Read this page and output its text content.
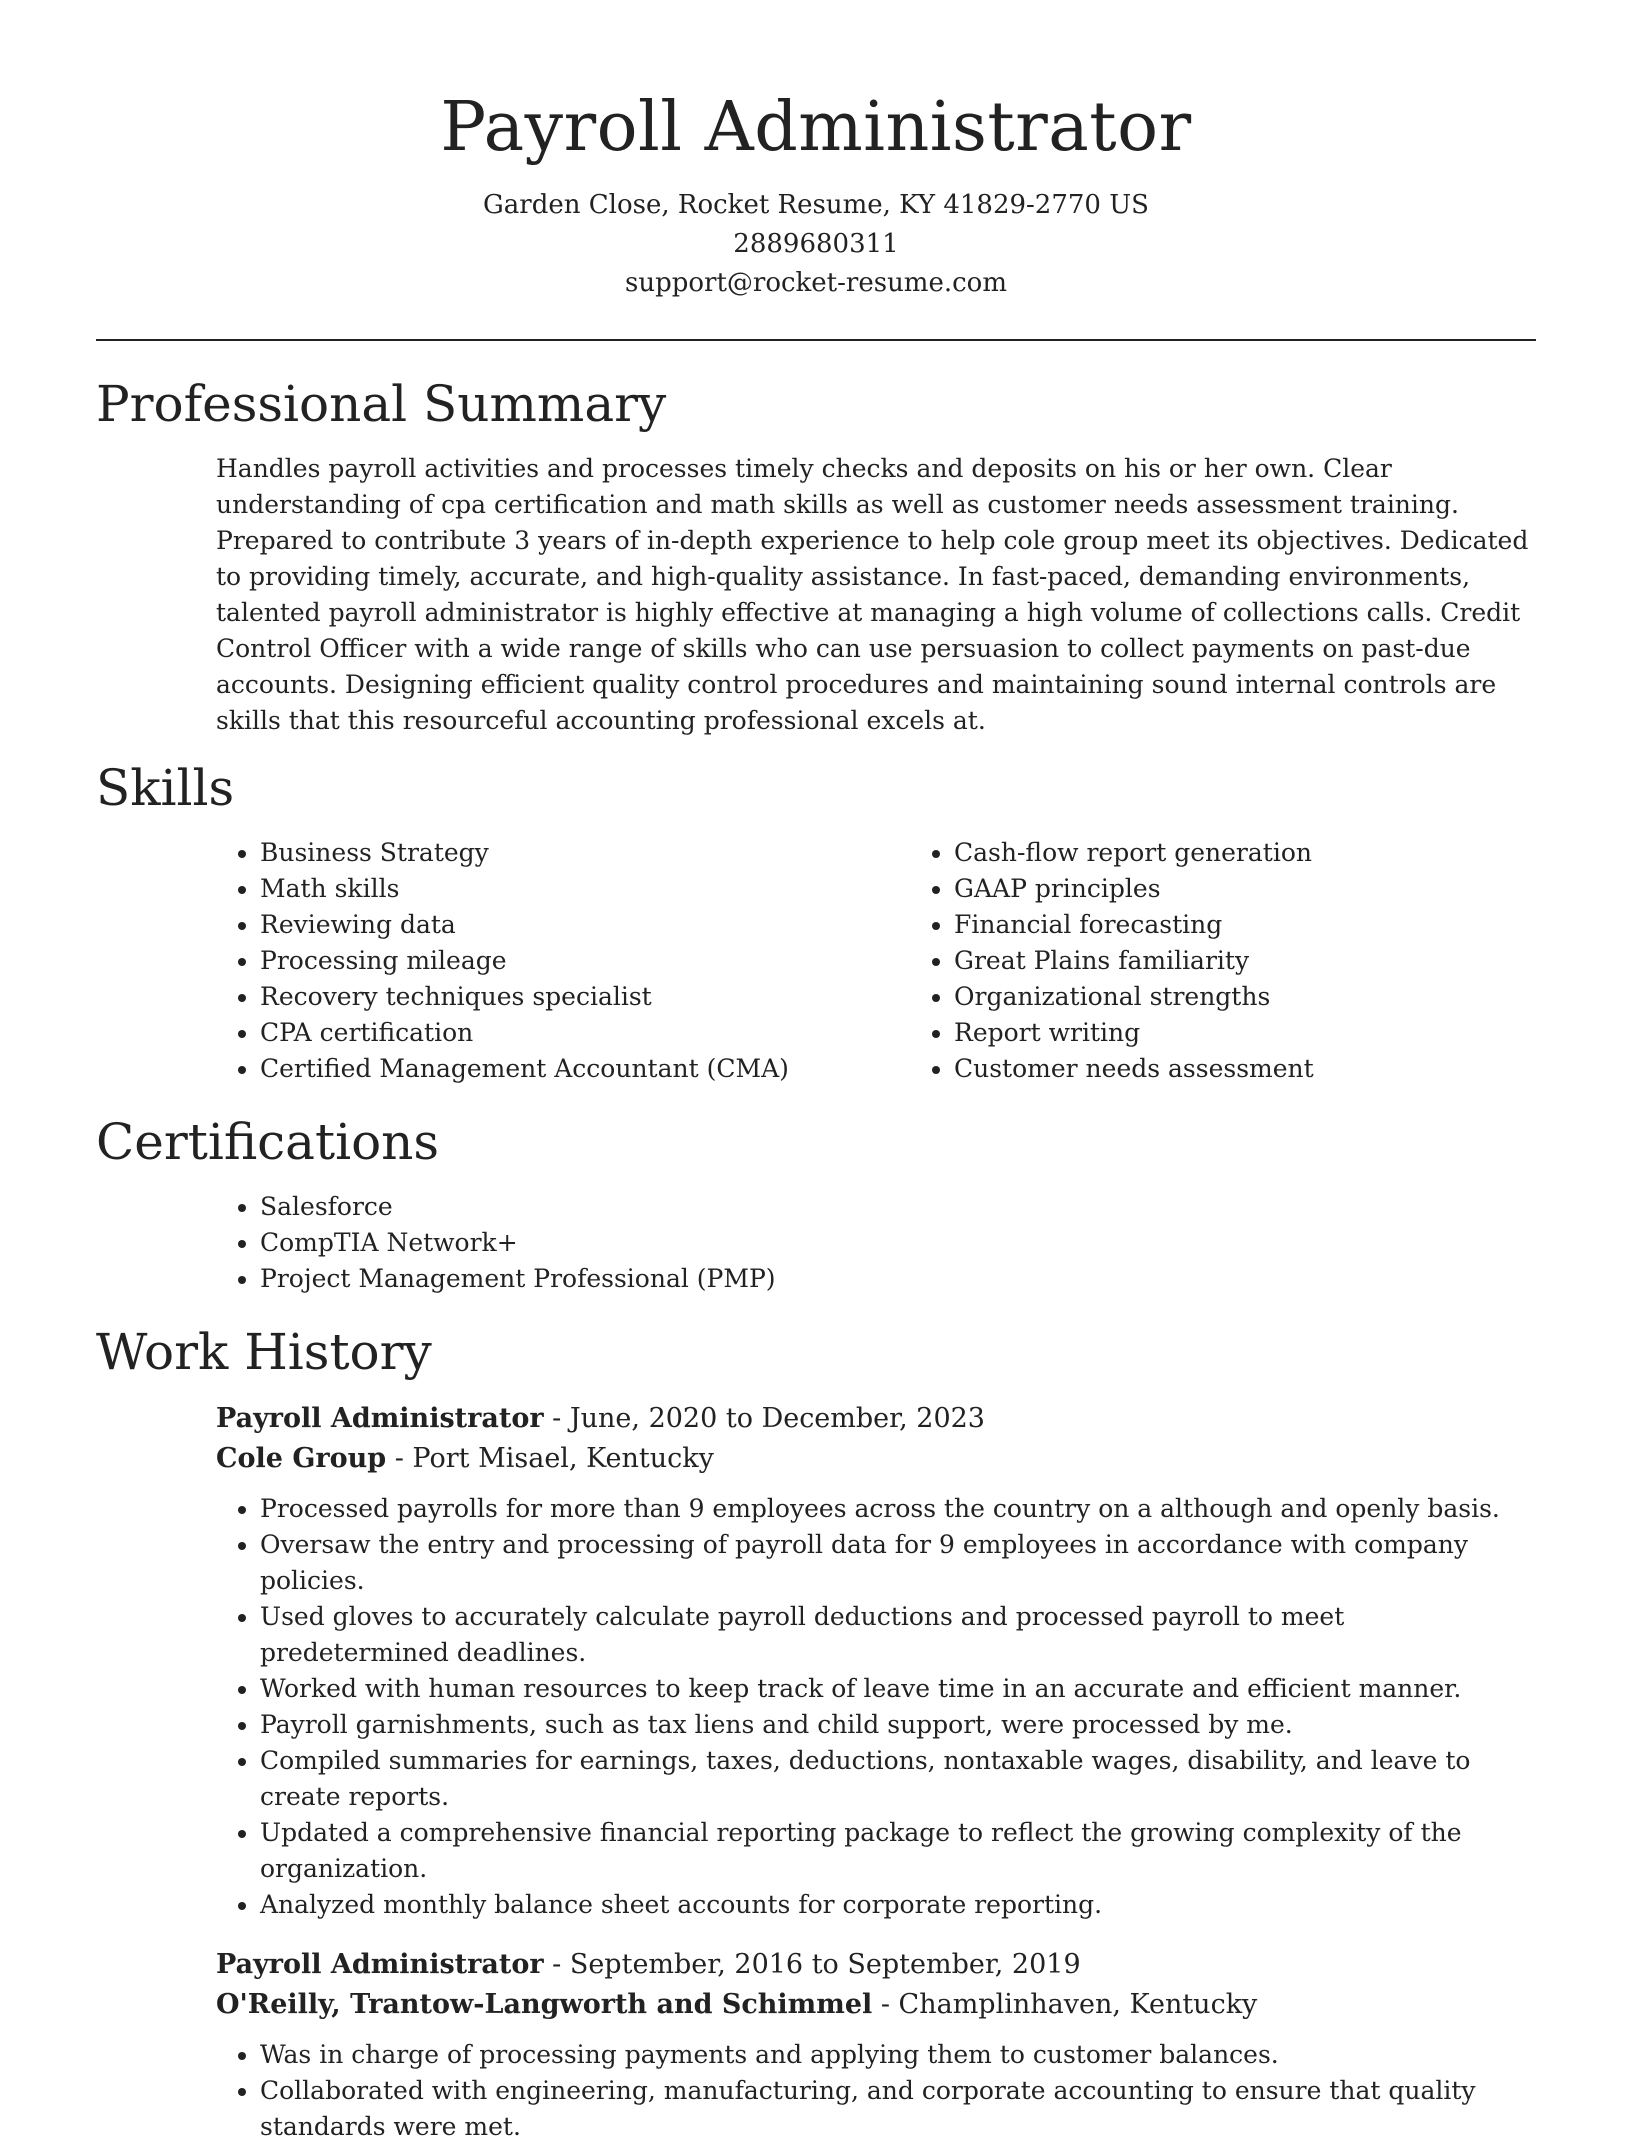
Payroll Administrator
Garden Close, Rocket Resume, KY 41829-2770 US
2889680311
support@rocket-resume.com
Professional Summary

Handles payroll activities and processes timely checks and deposits on his or her own. Clear understanding of cpa certification and math skills as well as customer needs assessment training. Prepared to contribute 3 years of in-depth experience to help cole group meet its objectives. Dedicated to providing timely, accurate, and high-quality assistance. In fast-paced, demanding environments, talented payroll administrator is highly effective at managing a high volume of collections calls. Credit Control Officer with a wide range of skills who can use persuasion to collect payments on past-due accounts. Designing efficient quality control procedures and maintaining sound internal controls are skills that this resourceful accounting professional excels at.

Skills
• Business Strategy
• Math skills
• Reviewing data
• Processing mileage
• Recovery techniques specialist
• CPA certification
• Certified Management Accountant (CMA)
• Cash-flow report generation
• GAAP principles
• Financial forecasting
• Great Plains familiarity
• Organizational strengths
• Report writing
• Customer needs assessment
Certifications
• Salesforce
• CompTIA Network+
• Project Management Professional (PMP)
Work History
Payroll Administrator - June, 2020 to December, 2023
Cole Group - Port Misael, Kentucky
• Processed payrolls for more than 9 employees across the country on a although and openly basis.
• Oversaw the entry and processing of payroll data for 9 employees in accordance with company policies.
• Used gloves to accurately calculate payroll deductions and processed payroll to meet predetermined deadlines.
• Worked with human resources to keep track of leave time in an accurate and efficient manner.
• Payroll garnishments, such as tax liens and child support, were processed by me.
• Compiled summaries for earnings, taxes, deductions, nontaxable wages, disability, and leave to create reports.
• Updated a comprehensive financial reporting package to reflect the growing complexity of the organization.
• Analyzed monthly balance sheet accounts for corporate reporting.
Payroll Administrator - September, 2016 to September, 2019
O'Reilly, Trantow-Langworth and Schimmel - Champlinhaven, Kentucky
• Was in charge of processing payments and applying them to customer balances.
• Collaborated with engineering, manufacturing, and corporate accounting to ensure that quality standards were met.
